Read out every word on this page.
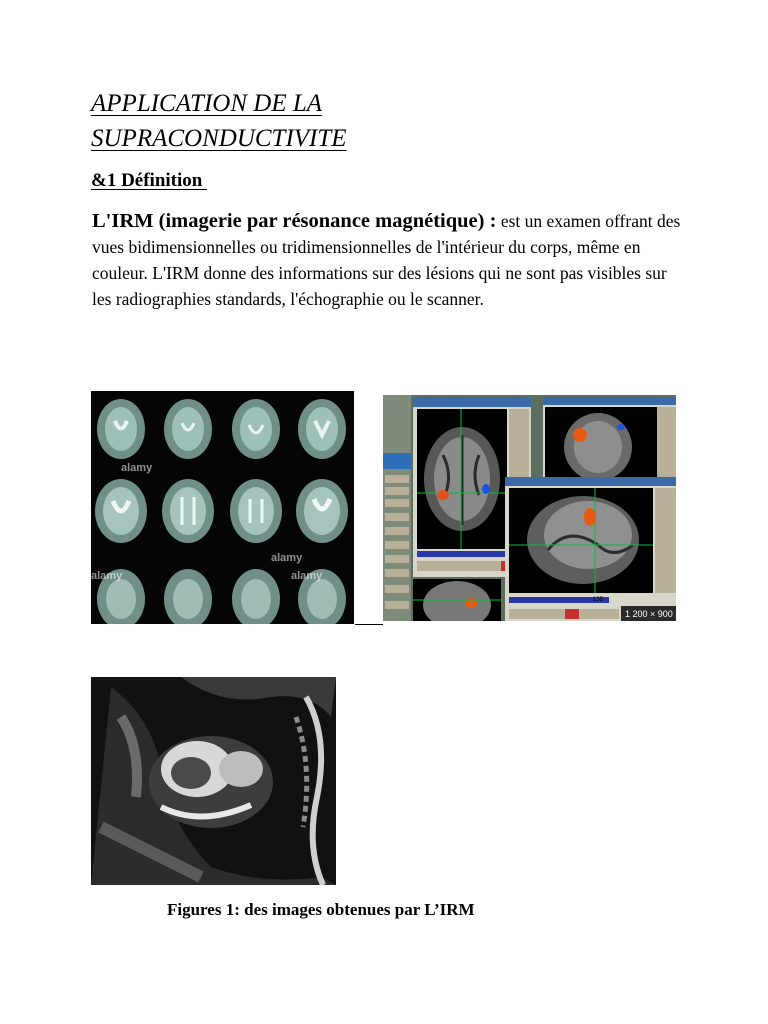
APPLICATION DE LA
SUPRACONDUCTIVITE
&1 Définition
L'IRM (imagerie par résonance magnétique) : est un examen offrant des vues bidimensionnelles ou tridimensionnelles de l'intérieur du corps, même en couleur. L'IRM donne des informations sur des lésions qui ne sont pas visibles sur les radiographies standards, l'échographie ou le scanner.
alamy
alamy
alamy	alamy
135
1 200 × 900
Figures 1: des images obtenues par L’IRM
